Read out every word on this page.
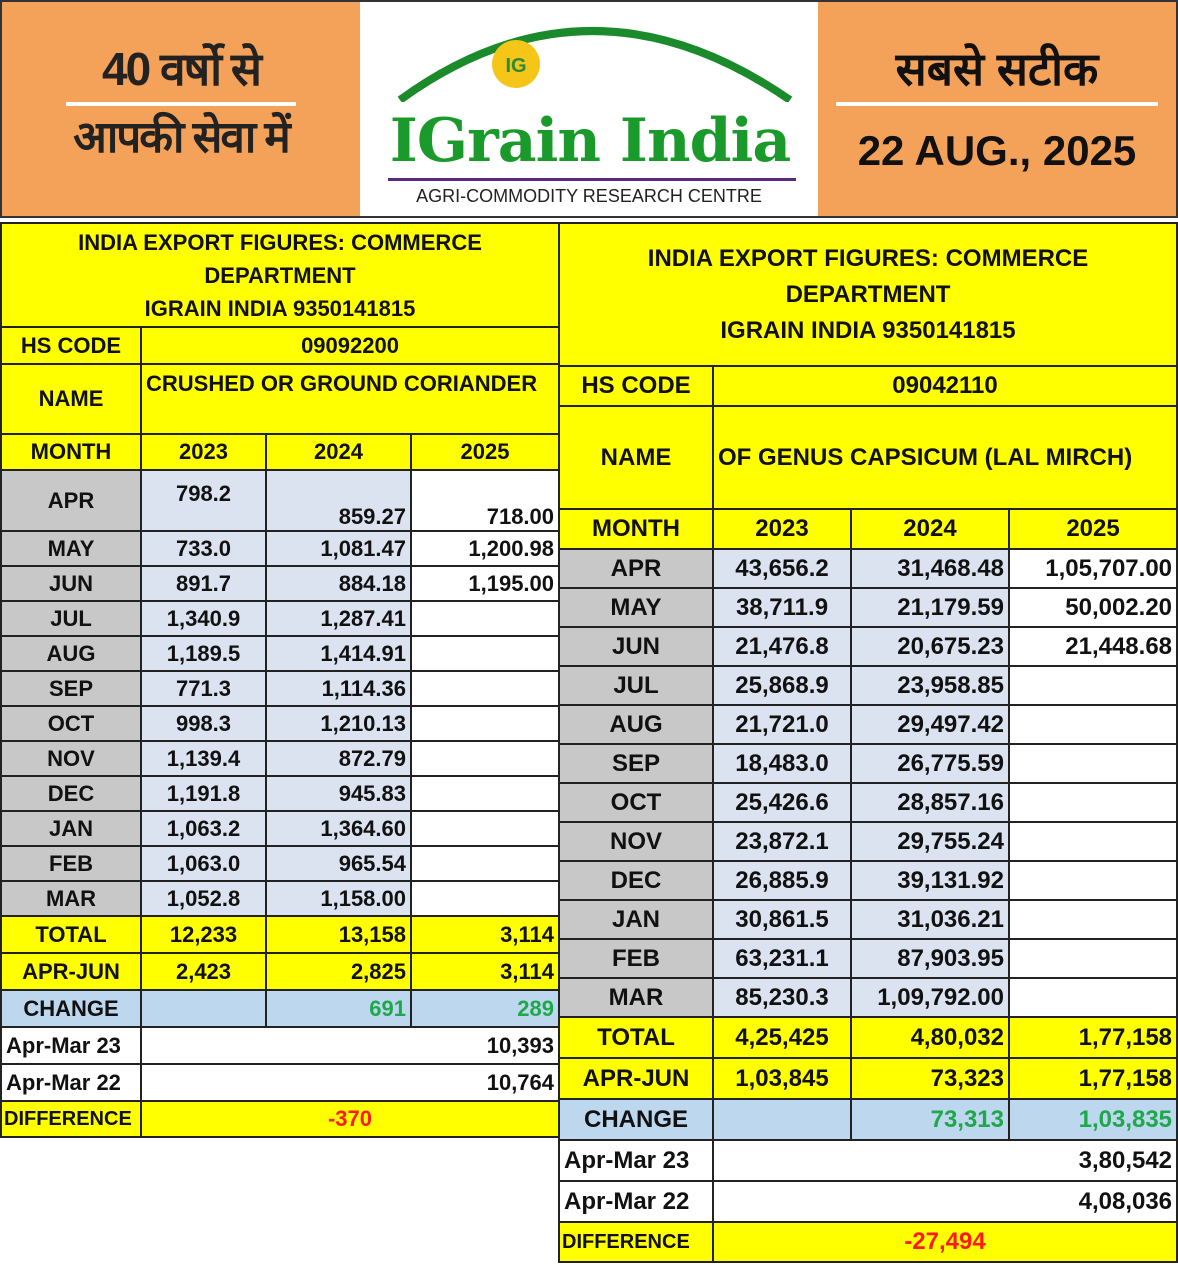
40 वर्षो से
आपकी सेवा में
IG
IGrain India
AGRI-COMMODITY RESEARCH CENTRE
सबसे सटीक
22 AUG., 2025
INDIA EXPORT FIGURES: COMMERCE
DEPARTMENT
IGRAIN INDIA 9350141815			

HS CODE	09092200		
NAME	CRUSHED OR GROUND CORIANDER		
MONTH	2023	2024	2025
APR	798.2	859.27	718.00
MAY	733.0	1,081.47	1,200.98
JUN	891.7	884.18	1,195.00
JUL	1,340.9	1,287.41	
AUG	1,189.5	1,414.91	
SEP	771.3	1,114.36	
OCT	998.3	1,210.13	
NOV	1,139.4	872.79	
DEC	1,191.8	945.83	
JAN	1,063.2	1,364.60	
FEB	1,063.0	965.54	
MAR	1,052.8	1,158.00	
TOTAL	12,233	13,158	3,114
APR-JUN	2,423	2,825	3,114
CHANGE		691	289
Apr-Mar 23	10,393		
Apr-Mar 22	10,764		
DIFFERENCE	-370		
INDIA EXPORT FIGURES: COMMERCE
DEPARTMENT
IGRAIN INDIA 9350141815			

HS CODE	09042110		
NAME	OF GENUS CAPSICUM (LAL MIRCH)		
MONTH	2023	2024	2025
APR	43,656.2	31,468.48	1,05,707.00
MAY	38,711.9	21,179.59	50,002.20
JUN	21,476.8	20,675.23	21,448.68
JUL	25,868.9	23,958.85	
AUG	21,721.0	29,497.42	
SEP	18,483.0	26,775.59	
OCT	25,426.6	28,857.16	
NOV	23,872.1	29,755.24	
DEC	26,885.9	39,131.92	
JAN	30,861.5	31,036.21	
FEB	63,231.1	87,903.95	
MAR	85,230.3	1,09,792.00	
TOTAL	4,25,425	4,80,032	1,77,158
APR-JUN	1,03,845	73,323	1,77,158
CHANGE		73,313	1,03,835
Apr-Mar 23	3,80,542		
Apr-Mar 22	4,08,036		
DIFFERENCE	-27,494		
